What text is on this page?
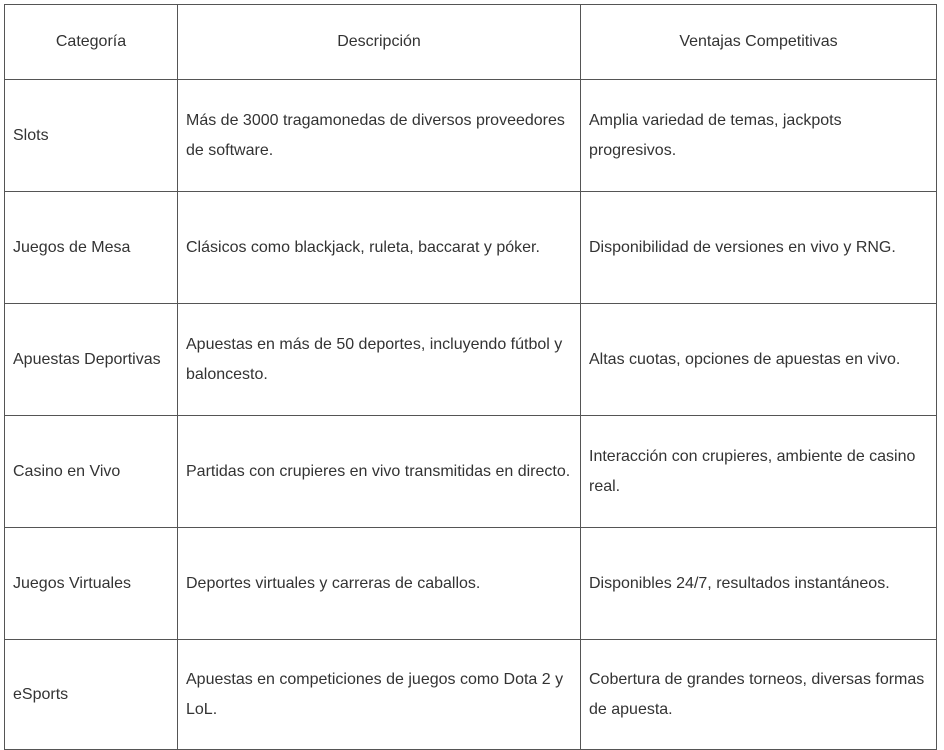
Categoría	Descripción	Ventajas Competitivas
Slots	Más de 3000 tragamonedas de diversos proveedores de software.	Amplia variedad de temas, jackpots progresivos.
Juegos de Mesa	Clásicos como blackjack, ruleta, baccarat y póker.	Disponibilidad de versiones en vivo y RNG.
Apuestas Deportivas	Apuestas en más de 50 deportes, incluyendo fútbol y baloncesto.	Altas cuotas, opciones de apuestas en vivo.
Casino en Vivo	Partidas con crupieres en vivo transmitidas en directo.	Interacción con crupieres, ambiente de casino real.
Juegos Virtuales	Deportes virtuales y carreras de caballos.	Disponibles 24/7, resultados instantáneos.
eSports	Apuestas en competiciones de juegos como Dota 2 y LoL.	Cobertura de grandes torneos, diversas formas de apuesta.
